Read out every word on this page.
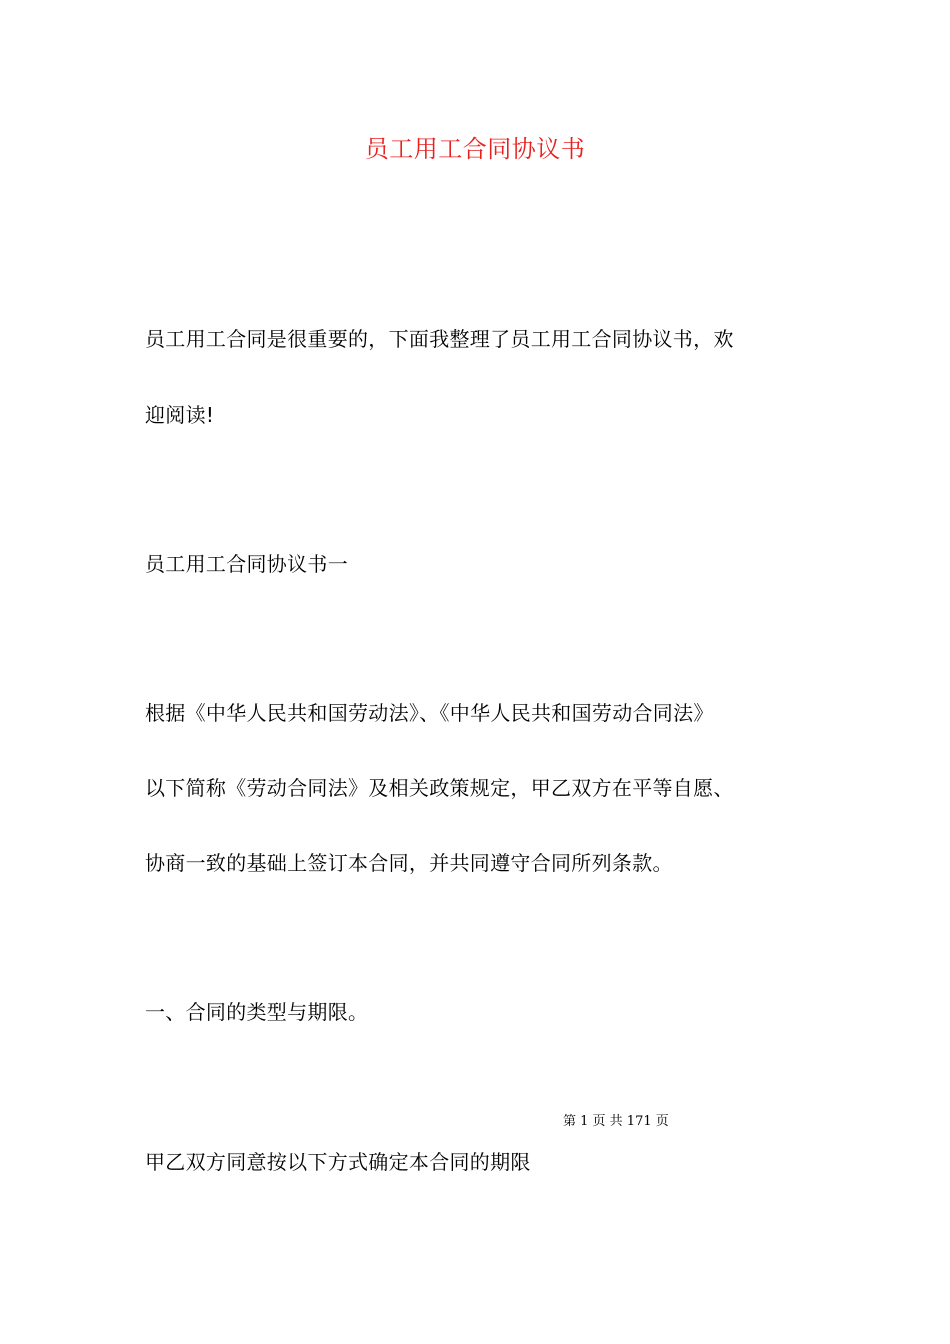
员工用工合同协议书
员工用工合同是很重要的，下面我整理了员工用工合同协议书，欢
迎阅读!
员工用工合同协议书一
根据《中华人民共和国劳动法》、《中华人民共和国劳动合同法》
以下简称《劳动合同法》及相关政策规定，甲乙双方在平等自愿、
协商一致的基础上签订本合同，并共同遵守合同所列条款。
一、合同的类型与期限。
第 1 页 共 171 页
甲乙双方同意按以下方式确定本合同的期限
